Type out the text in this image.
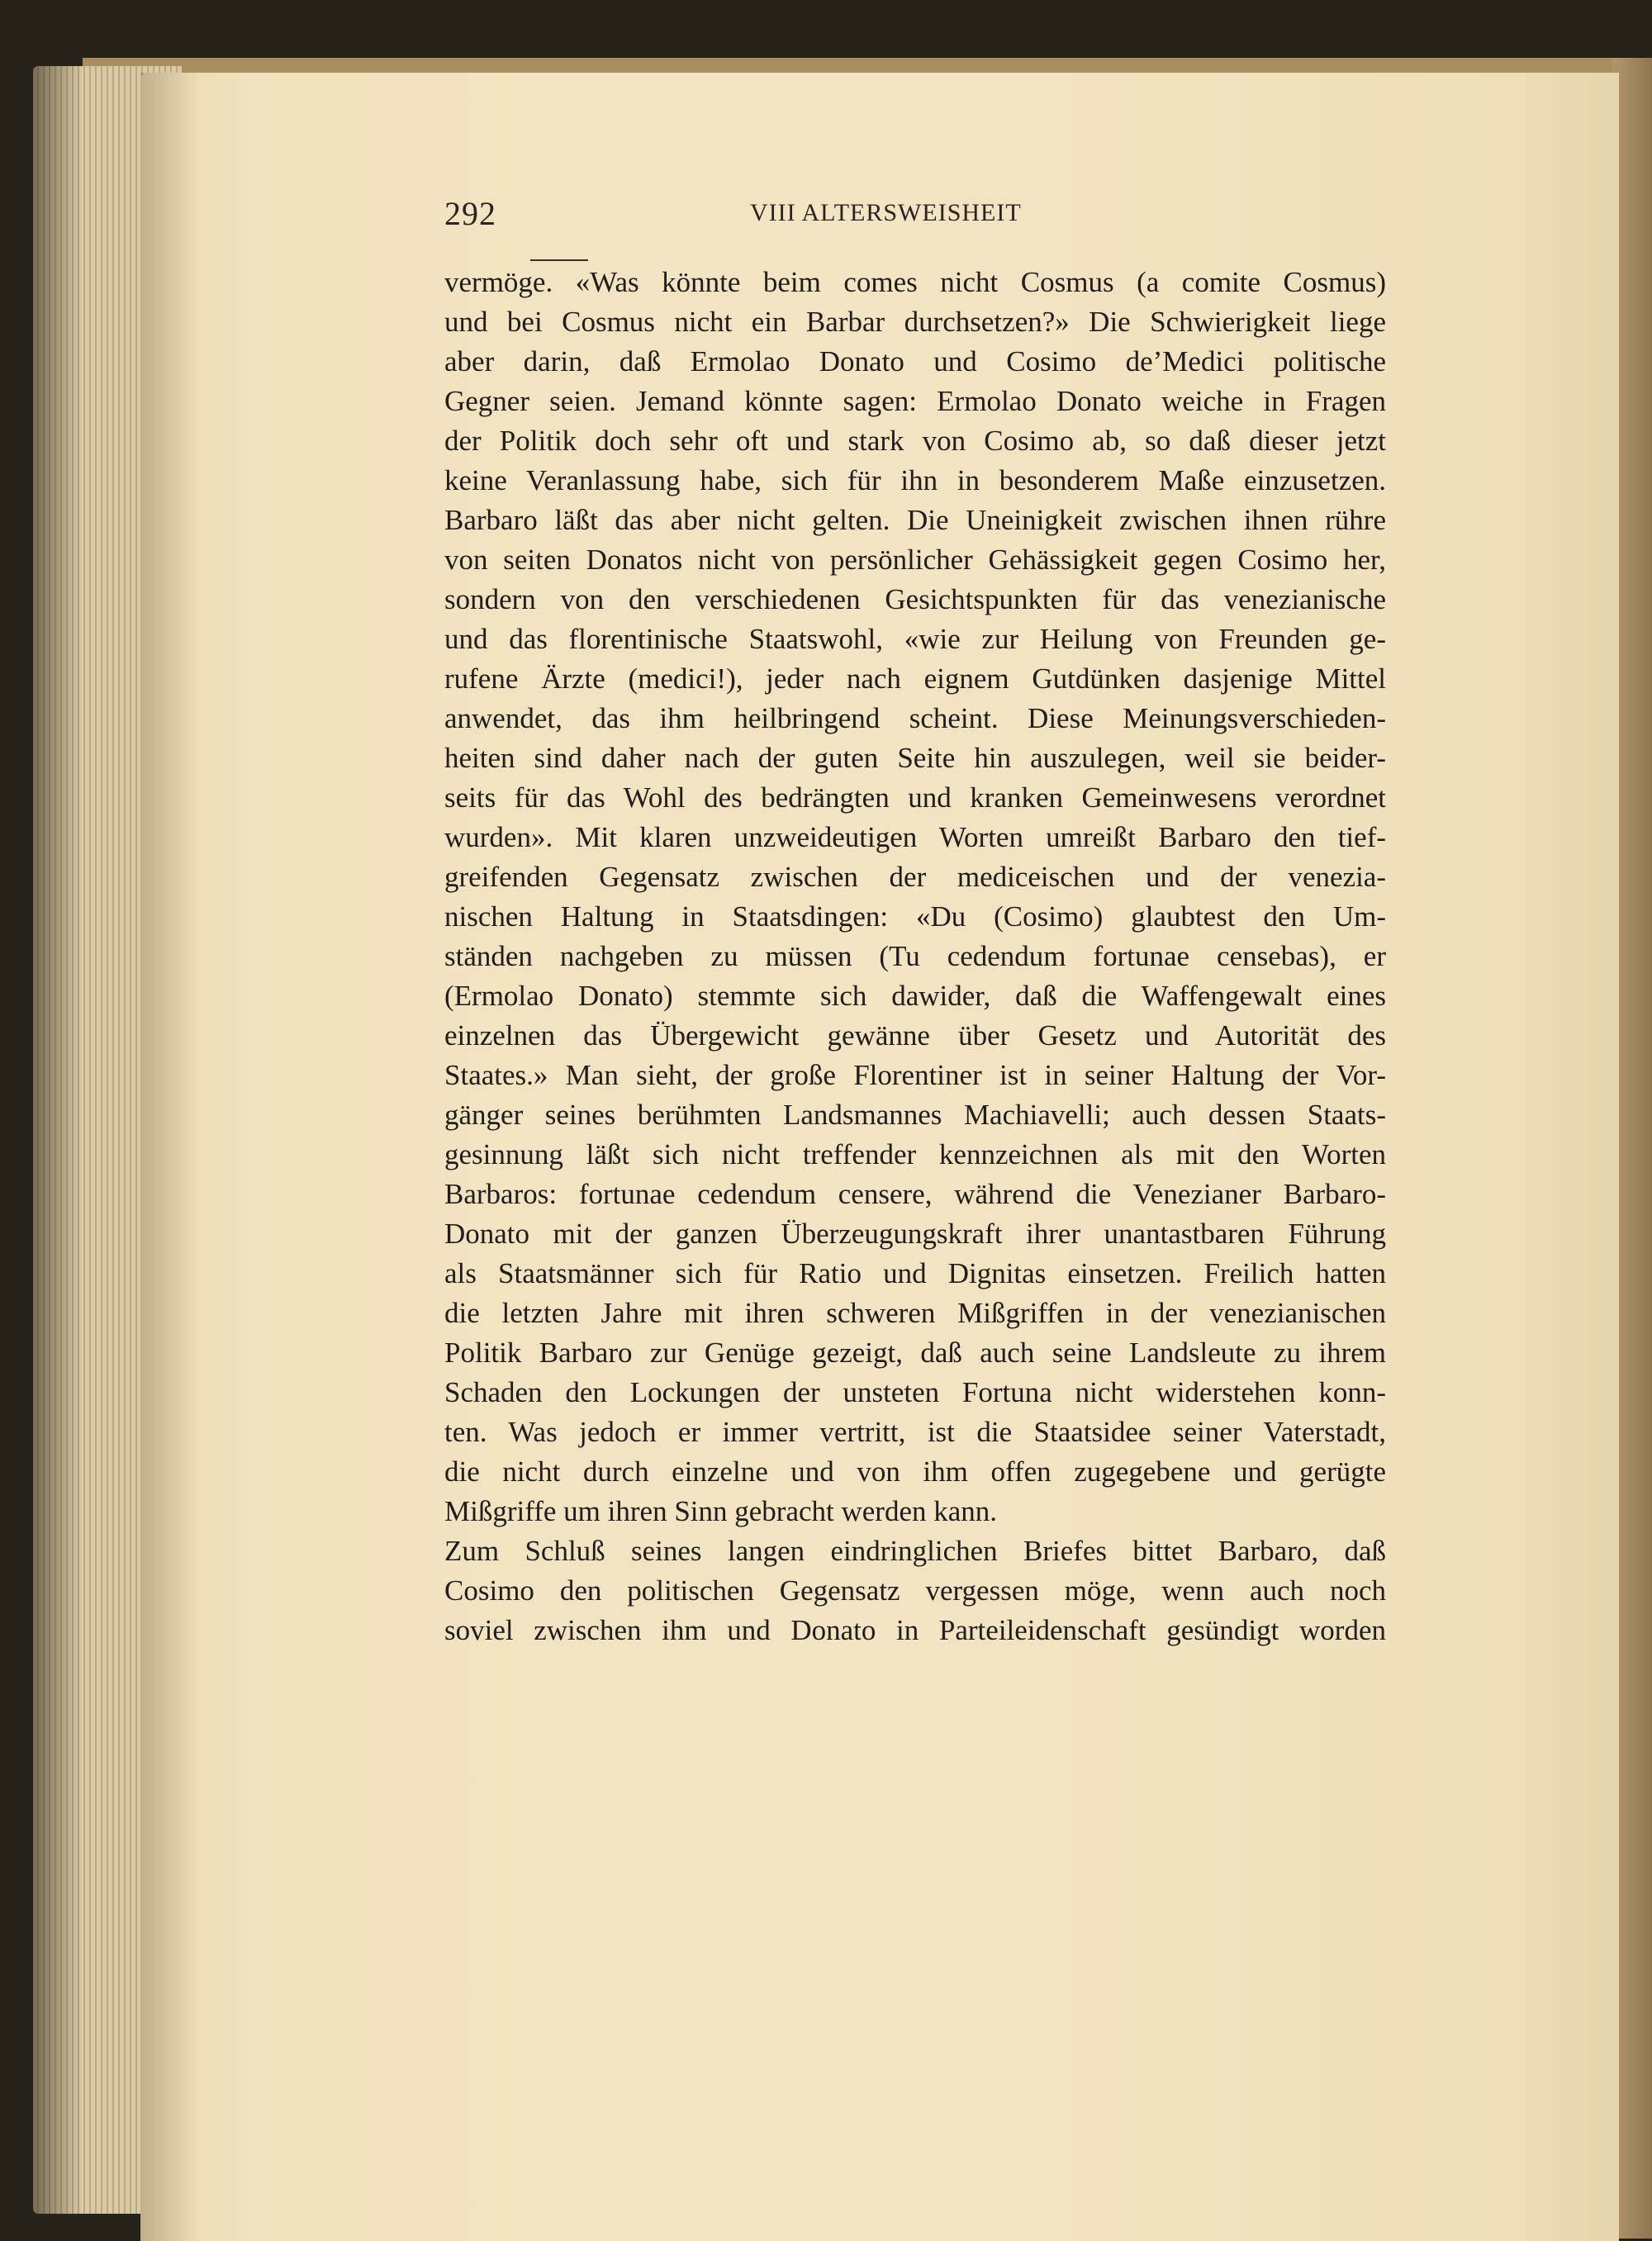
292	VIII ALTERSWEISHEIT
vermöge. «Was könnte beim comes nicht Cosmus (a comite Cosmus)
und bei Cosmus nicht ein Barbar durchsetzen?» Die Schwierigkeit liege
aber darin, daß Ermolao Donato und Cosimo de’Medici politische
Gegner seien. Jemand könnte sagen: Ermolao Donato weiche in Fragen
der Politik doch sehr oft und stark von Cosimo ab, so daß dieser jetzt
keine Veranlassung habe, sich für ihn in besonderem Maße einzusetzen.
Barbaro läßt das aber nicht gelten. Die Uneinigkeit zwischen ihnen rühre
von seiten Donatos nicht von persönlicher Gehässigkeit gegen Cosimo her,
sondern von den verschiedenen Gesichtspunkten für das venezianische
und das florentinische Staatswohl, «wie zur Heilung von Freunden ge-
rufene Ärzte (medici!), jeder nach eignem Gutdünken dasjenige Mittel
anwendet, das ihm heilbringend scheint. Diese Meinungsverschieden-
heiten sind daher nach der guten Seite hin auszulegen, weil sie beider-
seits für das Wohl des bedrängten und kranken Gemeinwesens verordnet
wurden». Mit klaren unzweideutigen Worten umreißt Barbaro den tief-
greifenden Gegensatz zwischen der mediceischen und der venezia-
nischen Haltung in Staatsdingen: «Du (Cosimo) glaubtest den Um-
ständen nachgeben zu müssen (Tu cedendum fortunae censebas), er
(Ermolao Donato) stemmte sich dawider, daß die Waffengewalt eines
einzelnen das Übergewicht gewänne über Gesetz und Autorität des
Staates.» Man sieht, der große Florentiner ist in seiner Haltung der Vor-
gänger seines berühmten Landsmannes Machiavelli; auch dessen Staats-
gesinnung läßt sich nicht treffender kennzeichnen als mit den Worten
Barbaros: fortunae cedendum censere, während die Venezianer Barbaro-
Donato mit der ganzen Überzeugungskraft ihrer unantastbaren Führung
als Staatsmänner sich für Ratio und Dignitas einsetzen. Freilich hatten
die letzten Jahre mit ihren schweren Mißgriffen in der venezianischen
Politik Barbaro zur Genüge gezeigt, daß auch seine Landsleute zu ihrem
Schaden den Lockungen der unsteten Fortuna nicht widerstehen konn-
ten. Was jedoch er immer vertritt, ist die Staatsidee seiner Vaterstadt,
die nicht durch einzelne und von ihm offen zugegebene und gerügte
Mißgriffe um ihren Sinn gebracht werden kann.
Zum Schluß seines langen eindringlichen Briefes bittet Barbaro, daß
Cosimo den politischen Gegensatz vergessen möge, wenn auch noch
soviel zwischen ihm und Donato in Parteileidenschaft gesündigt worden
